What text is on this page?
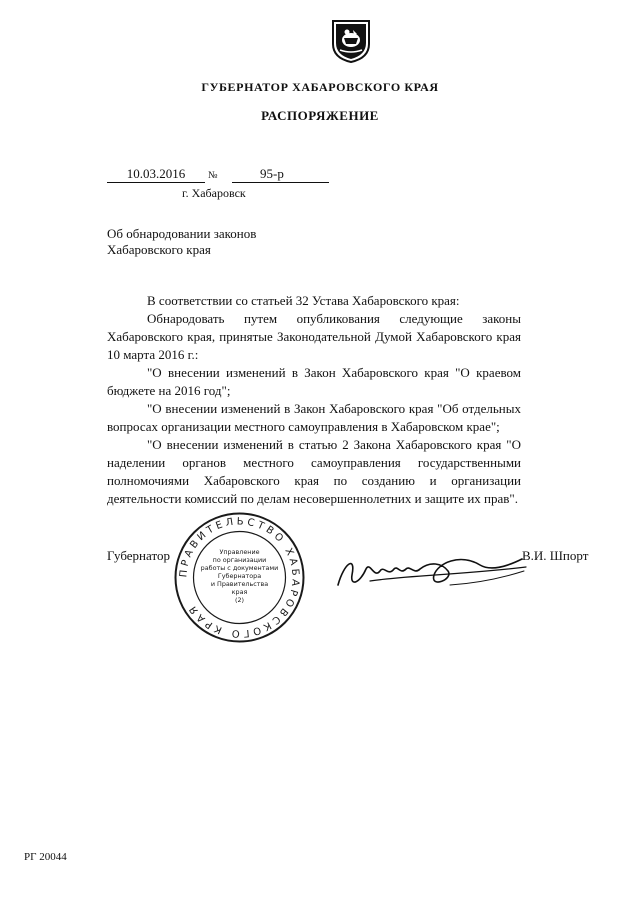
ГУБЕРНАТОР ХАБАРОВСКОГО КРАЯ
РАСПОРЯЖЕНИЕ
10.03.2016	№	95-р
г. Хабаровск
Об обнародовании законов
Хабаровского края

В соответствии со статьей 32 Устава Хабаровского края:

Обнародовать путем опубликования следующие законы Хабаровского края, принятые Законодательной Думой Хабаровского края 10 марта 2016 г.:

"О внесении изменений в Закон Хабаровского края "О краевом бюджете на 2016 год";

"О внесении изменений в Закон Хабаровского края "Об отдельных вопросах организации местного самоуправления в Хабаровском крае";

"О внесении изменений в статью 2 Закона Хабаровского края "О наделении органов местного самоуправления государственными полномочиями Хабаровского края по созданию и организации деятельности комиссий по делам несовершеннолетних и защите их прав".

ПРАВИТЕЛЬСТВО ХАБАРОВСКОГО КРАЯ
Управление
по организации
работы с документами
Губернатора
и Правительства
края
(2)
Губернатор	В.И. Шпорт
РГ 20044
